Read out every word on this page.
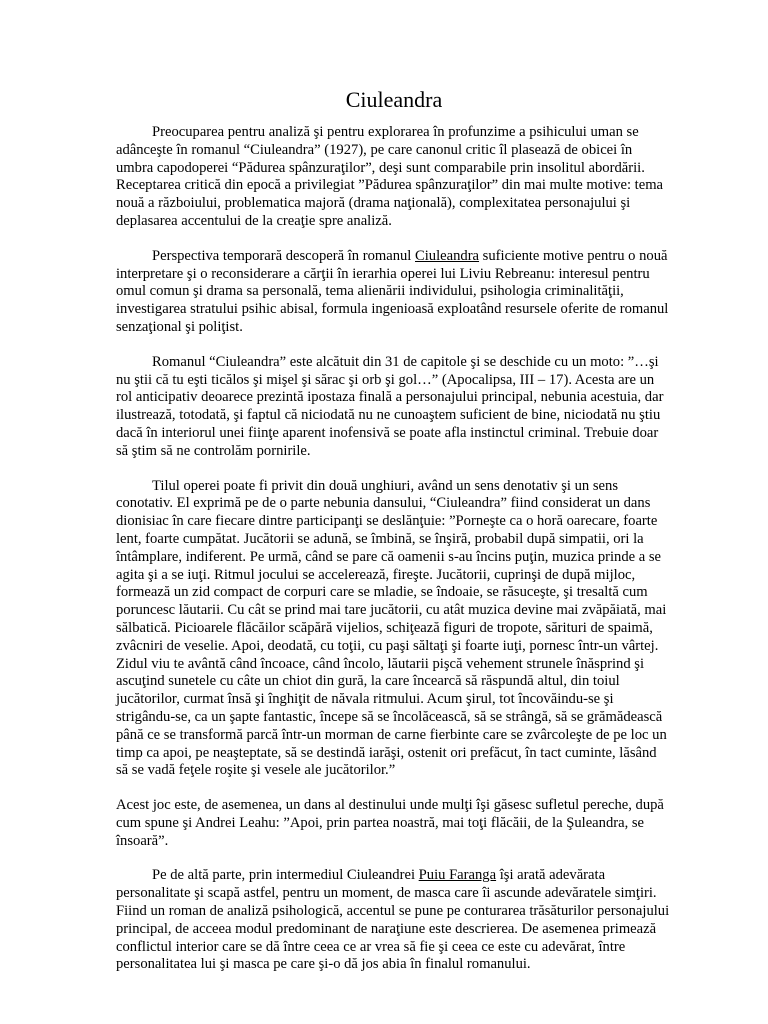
Ciuleandra

Preocuparea pentru analiză şi pentru explorarea în profunzime a psihicului uman se adânceşte în romanul “Ciuleandra” (1927), pe care canonul critic îl plasează de obicei în umbra capodoperei “Pădurea spânzuraţilor”, deşi sunt comparabile prin insolitul abordării. Receptarea critică din epocă a privilegiat ”Pădurea spânzuraţilor” din mai multe motive: tema nouă a războiului, problematica majoră (drama naţională), complexitatea personajului şi deplasarea accentului de la creaţie spre analiză.

Perspectiva temporară descoperă în romanul Ciuleandra suficiente motive pentru o nouă interpretare şi o reconsiderare a cărţii în ierarhia operei lui Liviu Rebreanu: interesul pentru omul comun şi drama sa personală, tema alienării individului, psihologia criminalităţii, investigarea stratului psihic abisal, formula ingenioasă exploatând resursele oferite de romanul senzaţional şi poliţist.

Romanul “Ciuleandra” este alcătuit din 31 de capitole şi se deschide cu un moto: ”…şi nu ştii că tu eşti ticălos şi mişel şi sărac şi orb şi gol…” (Apocalipsa, III – 17). Acesta are un rol anticipativ deoarece prezintă ipostaza finală a personajului principal, nebunia acestuia, dar ilustrează, totodată, şi faptul că niciodată nu ne cunoaştem suficient de bine, niciodată nu ştiu dacă în interiorul unei fiinţe aparent inofensivă se poate afla instinctul criminal. Trebuie doar să ştim să ne controlăm pornirile.

Tilul operei poate fi privit din două unghiuri, având un sens denotativ şi un sens conotativ. El exprimă pe de o parte nebunia dansului, “Ciuleandra” fiind considerat un dans dionisiac în care fiecare dintre participanţi se deslănţuie: ”Porneşte ca o horă oarecare, foarte lent, foarte cumpătat. Jucătorii se adună, se îmbină, se înşiră, probabil după simpatii, ori la întâmplare, indiferent. Pe urmă, când se pare că oamenii s-au încins puţin, muzica prinde a se agita şi a se iuţi. Ritmul jocului se accelerează, fireşte. Jucătorii, cuprinşi de după mijloc, formează un zid compact de corpuri care se mladie, se îndoaie, se răsuceşte, şi tresaltă cum poruncesc lăutarii. Cu cât se prind mai tare jucătorii, cu atât muzica devine mai zvăpăiată, mai sălbatică. Picioarele flăcăilor scăpără vijelios, schiţează figuri de tropote, sărituri de spaimă, zvâcniri de veselie. Apoi, deodată, cu toţii, cu paşi săltaţi şi foarte iuţi, pornesc într-un vârtej. Zidul viu te avântă când încoace, când încolo, lăutarii pişcă vehement strunele înăsprind şi ascuţind sunetele cu câte un chiot din gură, la care încearcă să răspundă altul, din toiul jucătorilor, curmat însă şi înghiţit de năvala ritmului. Acum şirul, tot încovăindu-se şi strigându-se, ca un şapte fantastic, începe să se încolăcească, să se strângă, să se grămădească până ce se transformă parcă într-un morman de carne fierbinte care se zvârcoleşte de pe loc un timp ca apoi, pe neaşteptate, să se destindă iarăşi, ostenit ori prefăcut, în tact cuminte, lăsând să se vadă feţele roşite şi vesele ale jucătorilor.”

Acest joc este, de asemenea, un dans al destinului unde mulţi îşi găsesc sufletul pereche, după cum spune şi Andrei Leahu: ”Apoi, prin partea noastră, mai toţi flăcăii, de la Şuleandra, se însoară”.

Pe de altă parte, prin intermediul Ciuleandrei Puiu Faranga îşi arată adevărata personalitate şi scapă astfel, pentru un moment, de masca care îi ascunde adevăratele simţiri. Fiind un roman de analiză psihologică, accentul se pune pe conturarea trăsăturilor personajului principal, de acceea modul predominant de naraţiune este descrierea. De asemenea primează conflictul interior care se dă între ceea ce ar vrea să fie şi ceea ce este cu adevărat, între personalitatea lui şi masca pe care şi-o dă jos abia în finalul romanului.
